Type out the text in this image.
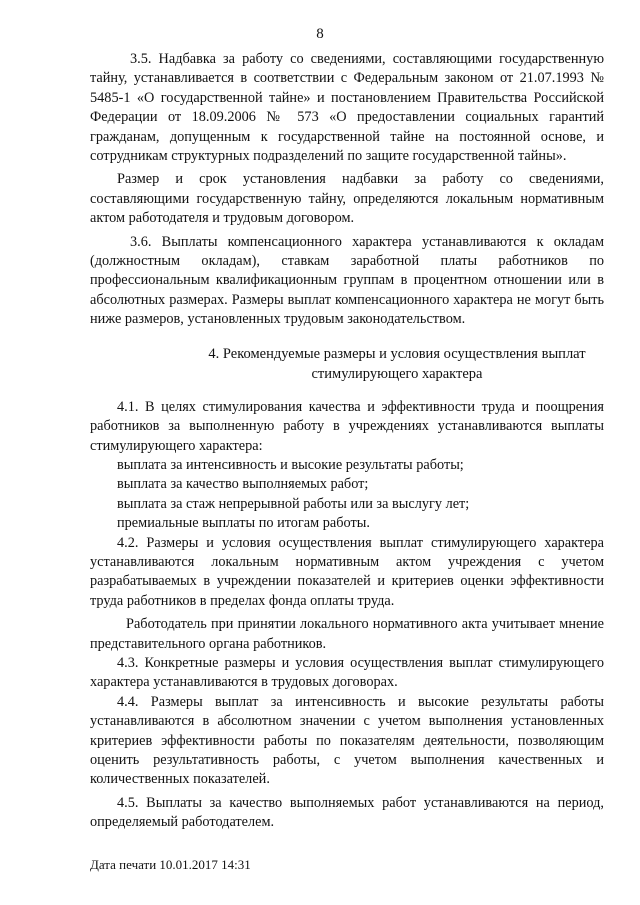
8

3.5. Надбавка за работу со сведениями, составляющими государственную тайну, устанавливается в соответствии с Федеральным законом от 21.07.1993 № 5485-1 «О государственной тайне» и постановлением Правительства Российской Федерации от 18.09.2006 № 573 «О предоставлении социальных гарантий гражданам, допущенным к государственной тайне на постоянной основе, и сотрудникам структурных подразделений по защите государственной тайны».

Размер и срок установления надбавки за работу со сведениями, составляющими государственную тайну, определяются локальным нормативным актом работодателя и трудовым договором.

3.6. Выплаты компенсационного характера устанавливаются к окладам (должностным окладам), ставкам заработной платы работников по профессиональным квалификационным группам в процентном отношении или в абсолютных размерах. Размеры выплат компенсационного характера не могут быть ниже размеров, установленных трудовым законодательством.

4. Рекомендуемые размеры и условия осуществления выплат стимулирующего характера

4.1. В целях стимулирования качества и эффективности труда и поощрения работников за выполненную работу в учреждениях устанавливаются выплаты стимулирующего характера:

выплата за интенсивность и высокие результаты работы;

выплата за качество выполняемых работ;

выплата за стаж непрерывной работы или за выслугу лет;

премиальные выплаты по итогам работы.

4.2. Размеры и условия осуществления выплат стимулирующего характера устанавливаются локальным нормативным актом учреждения с учетом разрабатываемых в учреждении показателей и критериев оценки эффективности труда работников в пределах фонда оплаты труда.

Работодатель при принятии локального нормативного акта учитывает мнение представительного органа работников.

4.3. Конкретные размеры и условия осуществления выплат стимулирующего характера устанавливаются в трудовых договорах.

4.4. Размеры выплат за интенсивность и высокие результаты работы устанавливаются в абсолютном значении с учетом выполнения установленных критериев эффективности работы по показателям деятельности, позволяющим оценить результативность работы, с учетом выполнения качественных и количественных показателей.

4.5. Выплаты за качество выполняемых работ устанавливаются на период, определяемый работодателем.

Дата печати 10.01.2017 14:31
